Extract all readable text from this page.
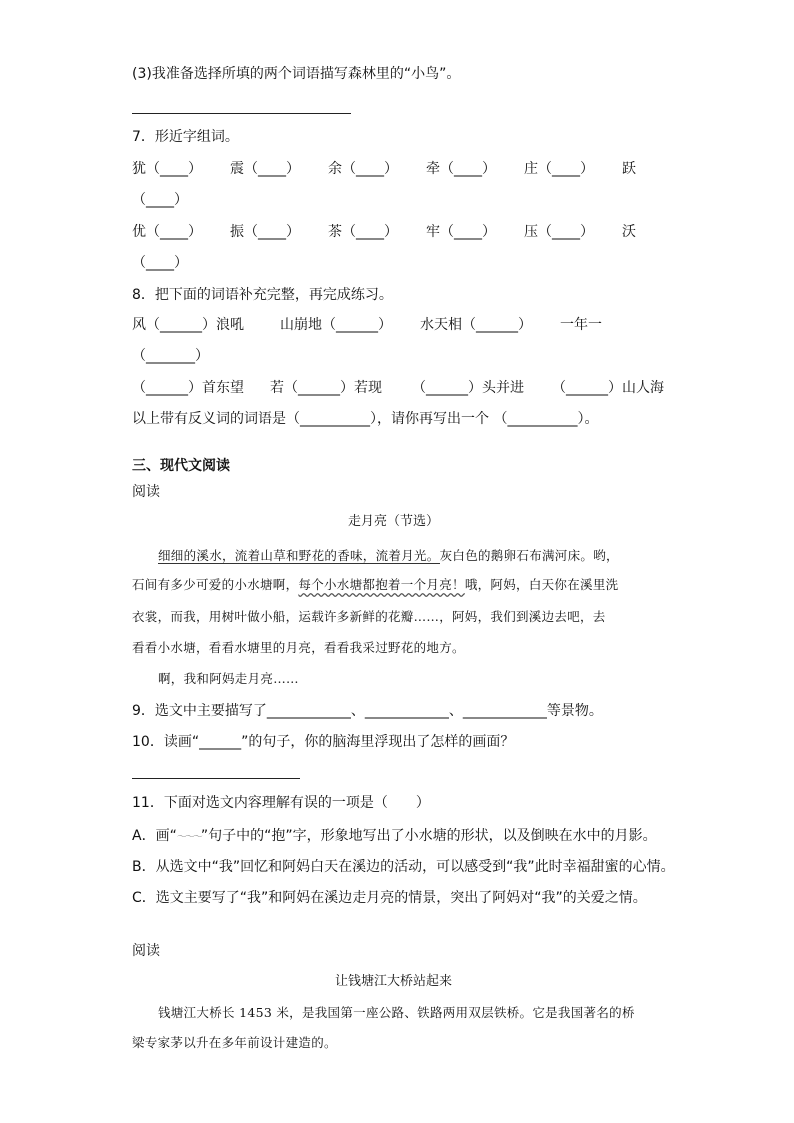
(3)我准备选择所填的两个词语描写森林里的“小鸟”。
7．形近字组词。
犹（____） 震（____） 余（____） 牵（____） 庄（____） 跃
（____）
优（____） 振（____） 茶（____） 牢（____） 压（____） 沃
（____）
8．把下面的词语补充完整，再完成练习。
风（______）浪吼	山崩地（______） 水天相（______） 一年一
（_______）
（______）首东望 若（______）若现 （______）头并进 （______）山人海
以上带有反义词的词语是（__________），请你再写出一个 （__________）。
三、现代文阅读
阅读
走月亮（节选）
细细的溪水，流着山草和野花的香味，流着月光。灰白色的鹅卵石布满河床。哟，
石间有多少可爱的小水塘啊，每个小水塘都抱着一个月亮！哦，阿妈，白天你在溪里洗
衣裳，而我，用树叶做小船，运载许多新鲜的花瓣……，阿妈，我们到溪边去吧，去
看看小水塘，看看水塘里的月亮，看看我采过野花的地方。
啊，我和阿妈走月亮……
9．选文中主要描写了____________、____________、____________等景物。
10．读画“______”的句子，你的脑海里浮现出了怎样的画面？
11．下面对选文内容理解有误的一项是（　　）
A．画“～～～”句子中的“抱”字，形象地写出了小水塘的形状，以及倒映在水中的月影。
B．从选文中“我”回忆和阿妈白天在溪边的活动，可以感受到“我”此时幸福甜蜜的心情。
C．选文主要写了“我”和阿妈在溪边走月亮的情景，突出了阿妈对“我”的关爱之情。
阅读
让钱塘江大桥站起来
钱塘江大桥长 1453 米，是我国第一座公路、铁路两用双层铁桥。它是我国著名的桥
梁专家茅以升在多年前设计建造的。
